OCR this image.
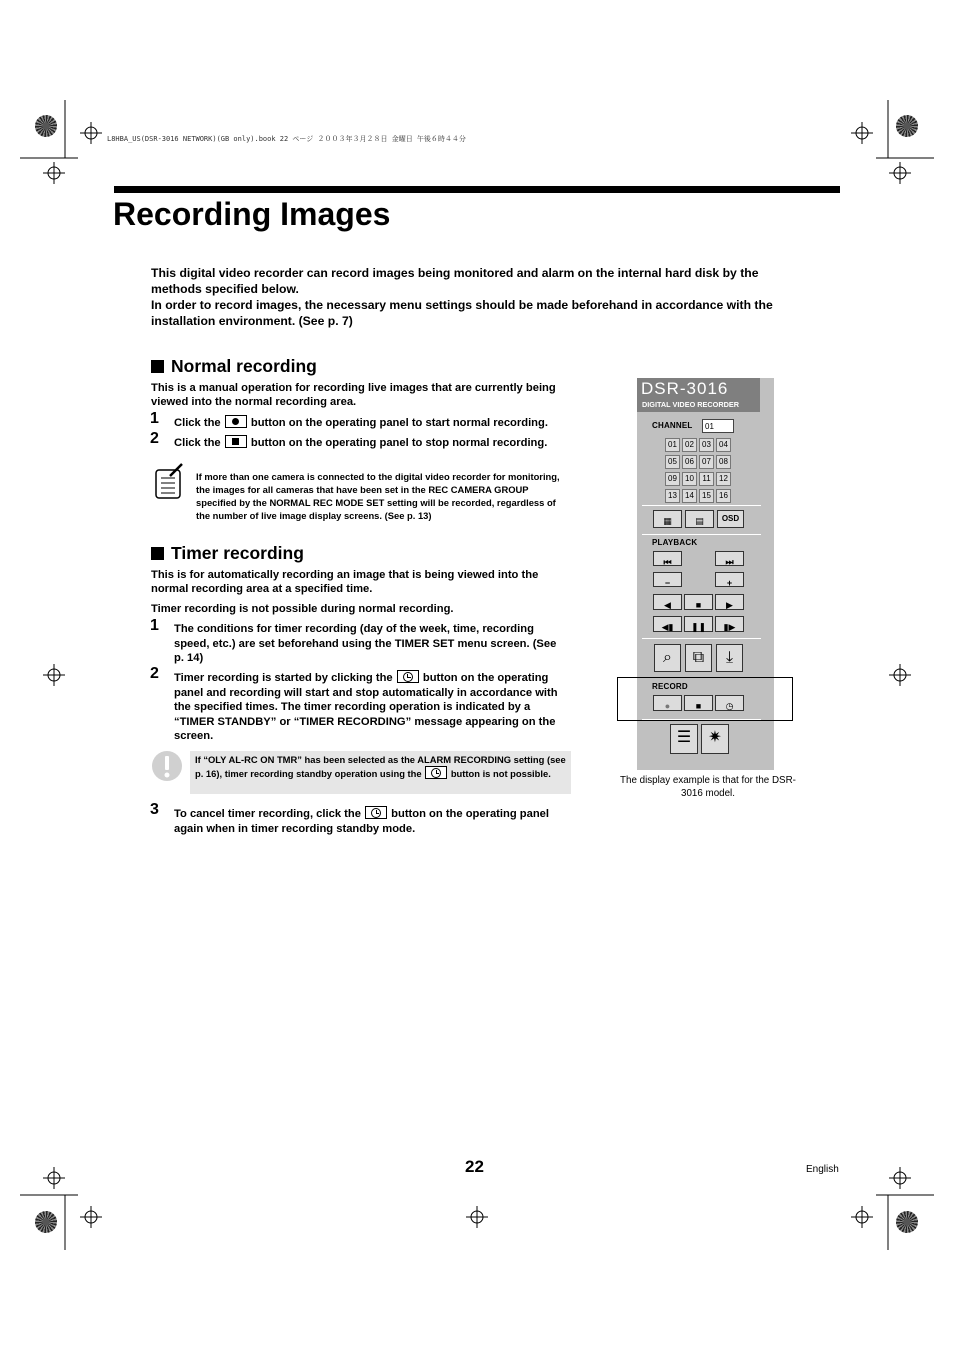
L8HBA_US(DSR-3016 NETWORK)(GB only).book 22 ページ ２００３年３月２８日 金曜日 午後６時４４分
Recording Images
This digital video recorder can record images being monitored and alarm on the internal hard disk by the methods specified below.
In order to record images, the necessary menu settings should be made beforehand in accordance with the installation environment. (See p. 7)
Normal recording
This is a manual operation for recording live images that are currently being viewed into the normal recording area.
1 Click the	button on the operating panel to start normal recording.
2 Click the	button on the operating panel to stop normal recording.
If more than one camera is connected to the digital video recorder for monitoring, the images for all cameras that have been set in the REC CAMERA GROUP specified by the NORMAL REC MODE SET setting will be recorded, regardless of the number of live image display screens. (See p. 13)
Timer recording
This is for automatically recording an image that is being viewed into the normal recording area at a specified time.
Timer recording is not possible during normal recording.
1 The conditions for timer recording (day of the week, time, recording speed, etc.) are set beforehand using the TIMER SET menu screen. (See p. 14)
2 Timer recording is started by clicking the	button on the operating panel and recording will start and stop automatically in accordance with the specified times. The timer recording operation is indicated by a “TIMER STANDBY” or “TIMER RECORDING” message appearing on the screen.
If “OLY AL-RC ON TMR” has been selected as the ALARM RECORDING setting (see p. 16), timer recording standby operation using the	button is not possible.
3 To cancel timer recording, click the	button on the operating panel again when in timer recording standby mode.
DSR-3016
DIGITAL VIDEO RECORDER
CHANNEL	01
01	02	03	04
05	06	07	08
09	10	11	12
13	14	15	16
▦	▤	OSD
PLAYBACK
⏮	⏭
−	+
◀	■	▶
◀▮	❚❚	▮▶
⌕	⧉	⤓
RECORD
●	■	◷
☰	✷
The display example is that for the DSR-3016 model.
22	English
